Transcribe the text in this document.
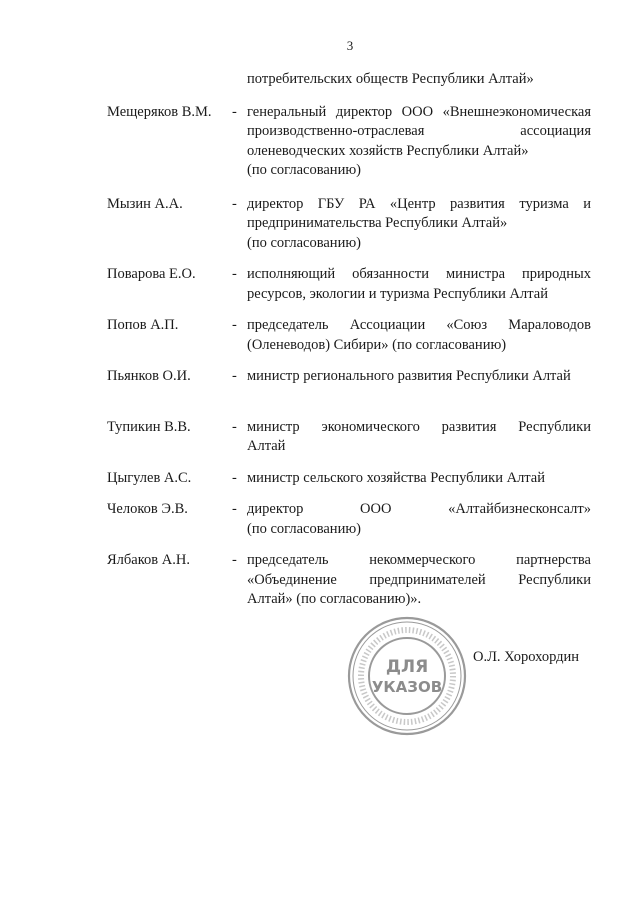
3
потребительских обществ Республики Алтай»
Мещеряков В.М. - генеральный директор ООО «Внешнеэкономическая
производственно-отраслевая ассоциация
оленеводческих хозяйств Республики Алтай»
(по согласованию)
Мызин А.А.	- директор ГБУ РА «Центр развития туризма и
предпринимательства Республики Алтай»
(по согласованию)
Поварова Е.О.	- исполняющий обязанности министра природных
ресурсов, экологии и туризма Республики Алтай
Попов А.П.	- председатель Ассоциации «Союз Мараловодов
(Оленеводов) Сибири» (по согласованию)
Пьянков О.И.	- министр регионального развития Республики Алтай
Тупикин В.В.	- министр экономического развития Республики
Алтай
Цыгулев А.С.	- министр сельского хозяйства Республики Алтай
Челоков Э.В.	- директор ООО «Алтайбизнесконсалт»
(по согласованию)
Ялбаков А.Н.	- председатель некоммерческого партнерства
«Объединение предпринимателей Республики
Алтай» (по согласованию)».
ДЛЯ
УКАЗОВ
О.Л. Хорохордин
